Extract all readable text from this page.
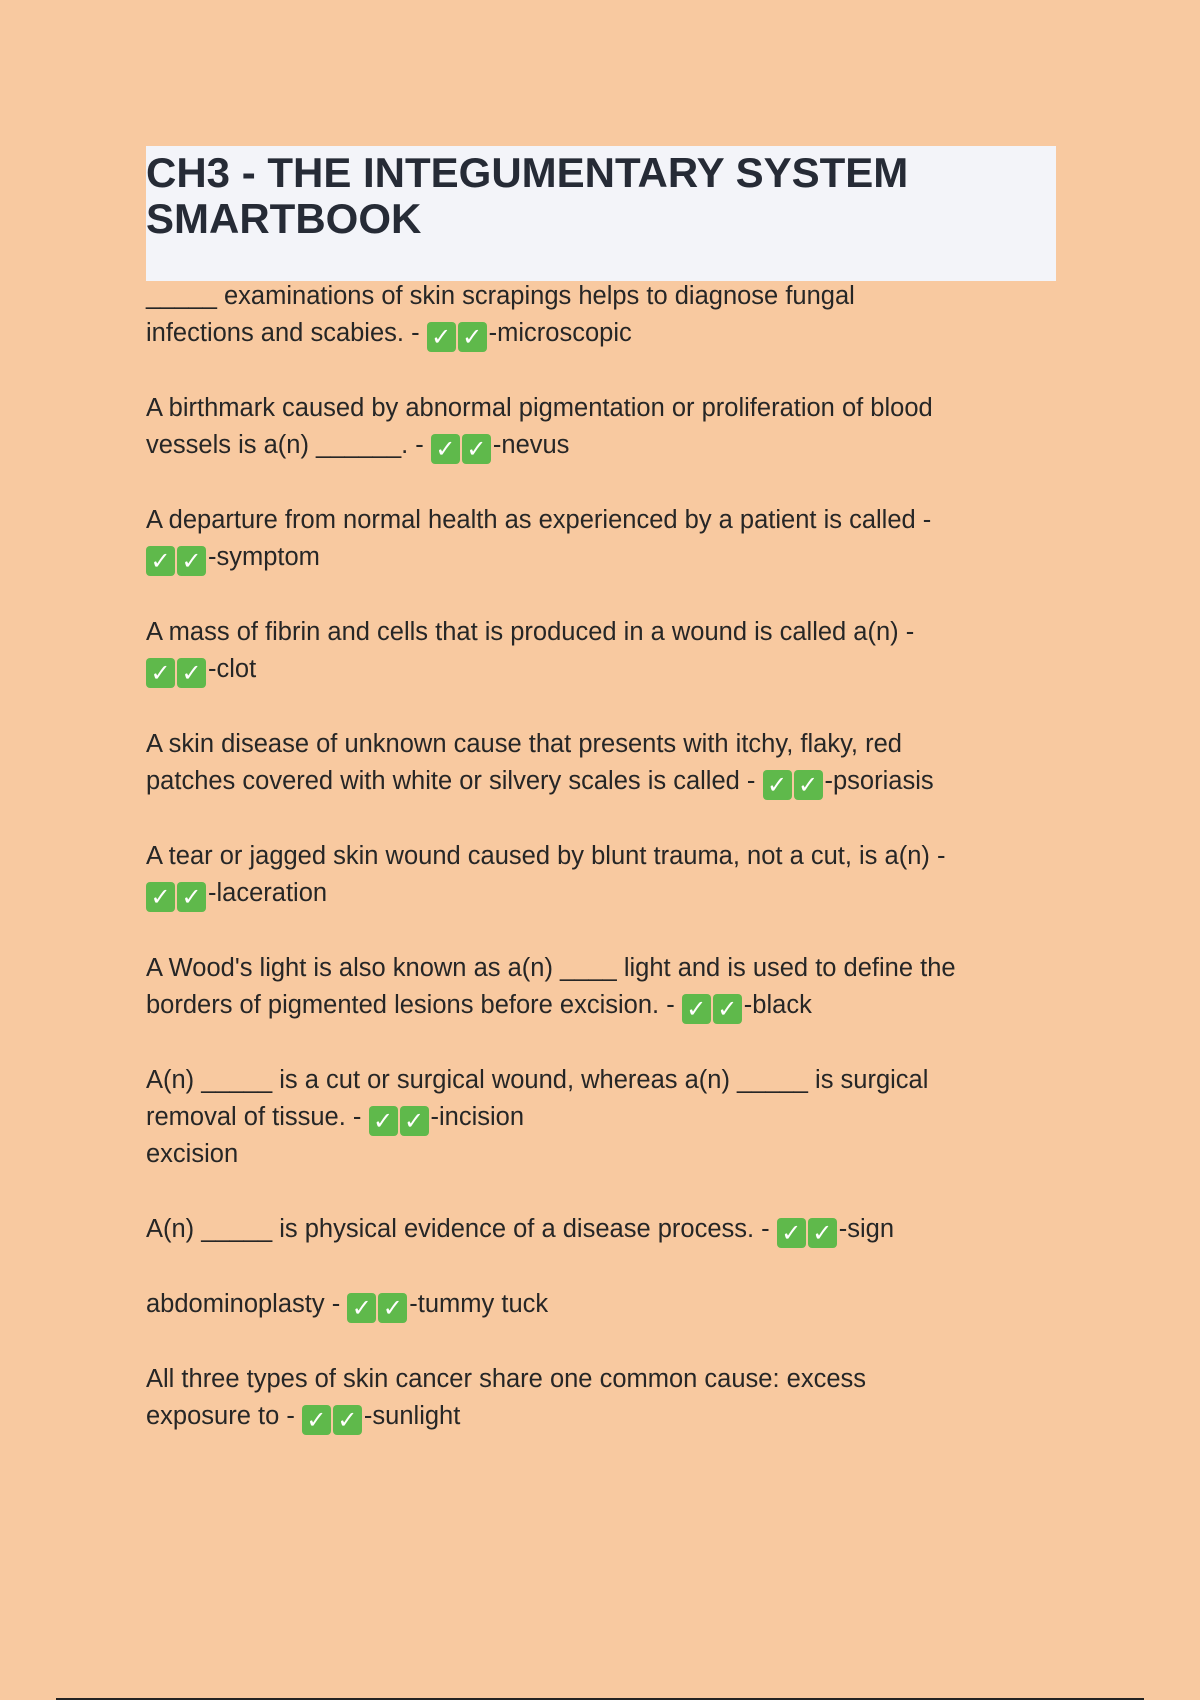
CH3 - THE INTEGUMENTARY SYSTEM
SMARTBOOK

_____ examinations of skin scrapings helps to diagnose fungal
infections and scabies. - ✓ ✓ -microscopic

A birthmark caused by abnormal pigmentation or proliferation of blood
vessels is a(n) ______. - ✓ ✓ -nevus

A departure from normal health as experienced by a patient is called -
✓ ✓ -symptom

A mass of fibrin and cells that is produced in a wound is called a(n) -
✓ ✓ -clot

A skin disease of unknown cause that presents with itchy, flaky, red
patches covered with white or silvery scales is called - ✓ ✓ -psoriasis

A tear or jagged skin wound caused by blunt trauma, not a cut, is a(n) -
✓ ✓ -laceration

A Wood's light is also known as a(n) ____ light and is used to define the
borders of pigmented lesions before excision. - ✓ ✓ -black

A(n) _____ is a cut or surgical wound, whereas a(n) _____ is surgical
removal of tissue. - ✓ ✓ -incision
excision

A(n) _____ is physical evidence of a disease process. - ✓ ✓ -sign

abdominoplasty - ✓ ✓ -tummy tuck

All three types of skin cancer share one common cause: excess
exposure to - ✓ ✓ -sunlight
